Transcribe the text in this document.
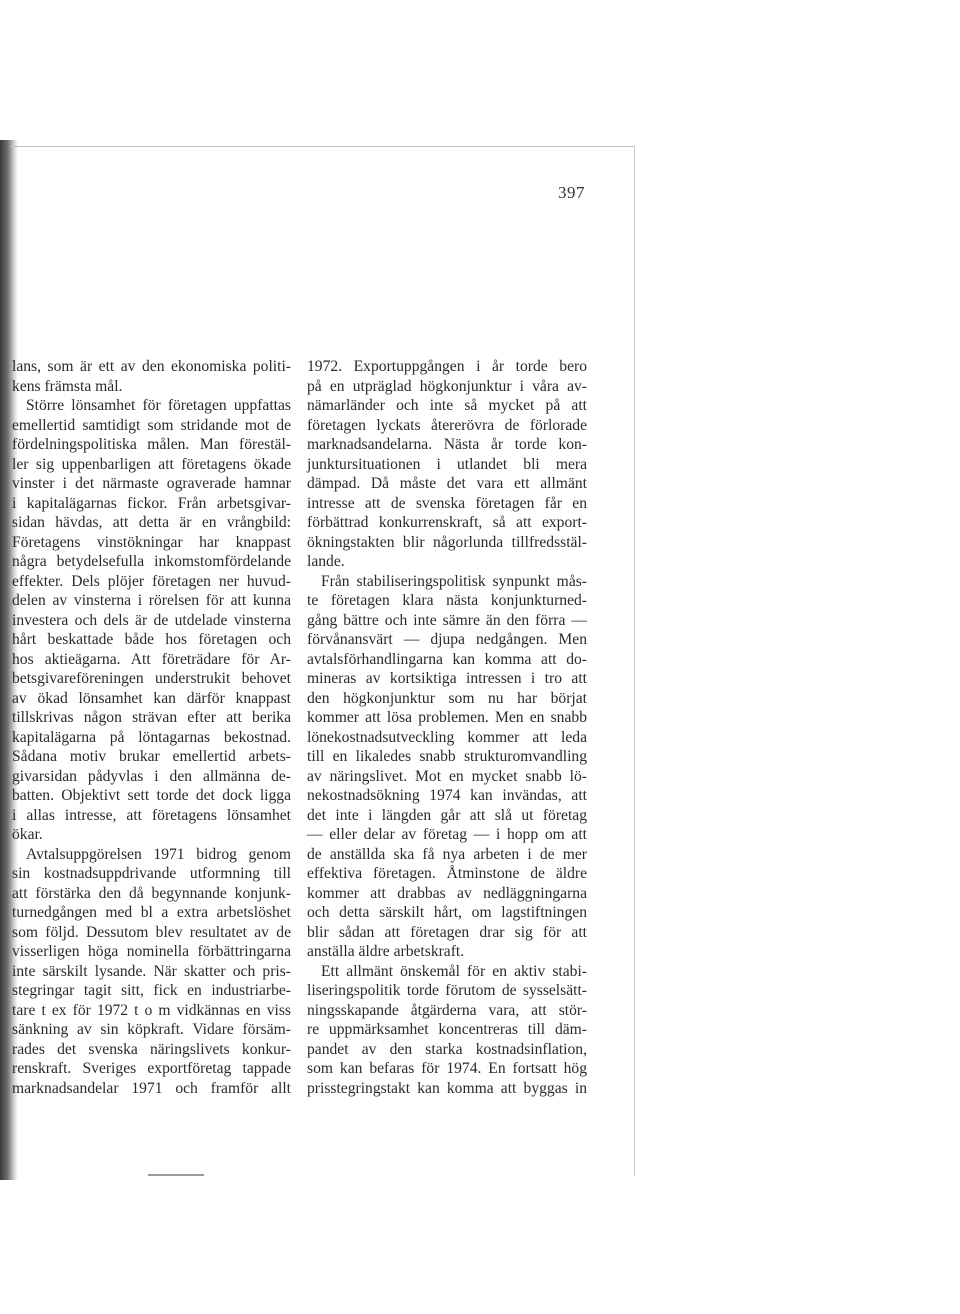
397
lans, som är ett av den ekonomiska politi-
kens främsta mål.
Större lönsamhet för företagen uppfattas
emellertid samtidigt som stridande mot de
fördelningspolitiska målen. Man förestäl-
ler sig uppenbarligen att företagens ökade
vinster i det närmaste ograverade hamnar
i kapitalägarnas fickor. Från arbetsgivar-
sidan hävdas, att detta är en vrångbild:
Företagens vinstökningar har knappast
några betydelsefulla inkomstomfördelande
effekter. Dels plöjer företagen ner huvud-
delen av vinsterna i rörelsen för att kunna
investera och dels är de utdelade vinsterna
hårt beskattade både hos företagen och
hos aktieägarna. Att företrädare för Ar-
betsgivareföreningen understrukit behovet
av ökad lönsamhet kan därför knappast
tillskrivas någon strävan efter att berika
kapitalägarna på löntagarnas bekostnad.
Sådana motiv brukar emellertid arbets-
givarsidan pådyvlas i den allmänna de-
batten. Objektivt sett torde det dock ligga
i allas intresse, att företagens lönsamhet
ökar.
Avtalsuppgörelsen 1971 bidrog genom
sin kostnadsuppdrivande utformning till
att förstärka den då begynnande konjunk-
turnedgången med bl a extra arbetslöshet
som följd. Dessutom blev resultatet av de
visserligen höga nominella förbättringarna
inte särskilt lysande. När skatter och pris-
stegringar tagit sitt, fick en industriarbe-
tare t ex för 1972 t o m vidkännas en viss
sänkning av sin köpkraft. Vidare försäm-
rades det svenska näringslivets konkur-
renskraft. Sveriges exportföretag tappade
marknadsandelar 1971 och framför allt
1972. Exportuppgången i år torde bero
på en utpräglad högkonjunktur i våra av-
nämarländer och inte så mycket på att
företagen lyckats återerövra de förlorade
marknadsandelarna. Nästa år torde kon-
junktursituationen i utlandet bli mera
dämpad. Då måste det vara ett allmänt
intresse att de svenska företagen får en
förbättrad konkurrenskraft, så att export-
ökningstakten blir någorlunda tillfredsstäl-
lande.
Från stabiliseringspolitisk synpunkt mås-
te företagen klara nästa konjunkturned-
gång bättre och inte sämre än den förra —
förvånansvärt — djupa nedgången. Men
avtalsförhandlingarna kan komma att do-
mineras av kortsiktiga intressen i tro att
den högkonjunktur som nu har börjat
kommer att lösa problemen. Men en snabb
lönekostnadsutveckling kommer att leda
till en likaledes snabb strukturomvandling
av näringslivet. Mot en mycket snabb lö-
nekostnadsökning 1974 kan invändas, att
det inte i längden går att slå ut företag
— eller delar av företag — i hopp om att
de anställda ska få nya arbeten i de mer
effektiva företagen. Åtminstone de äldre
kommer att drabbas av nedläggningarna
och detta särskilt hårt, om lagstiftningen
blir sådan att företagen drar sig för att
anställa äldre arbetskraft.
Ett allmänt önskemål för en aktiv stabi-
liseringspolitik torde förutom de sysselsätt-
ningsskapande åtgärderna vara, att stör-
re uppmärksamhet koncentreras till däm-
pandet av den starka kostnadsinflation,
som kan befaras för 1974. En fortsatt hög
prisstegringstakt kan komma att byggas in
